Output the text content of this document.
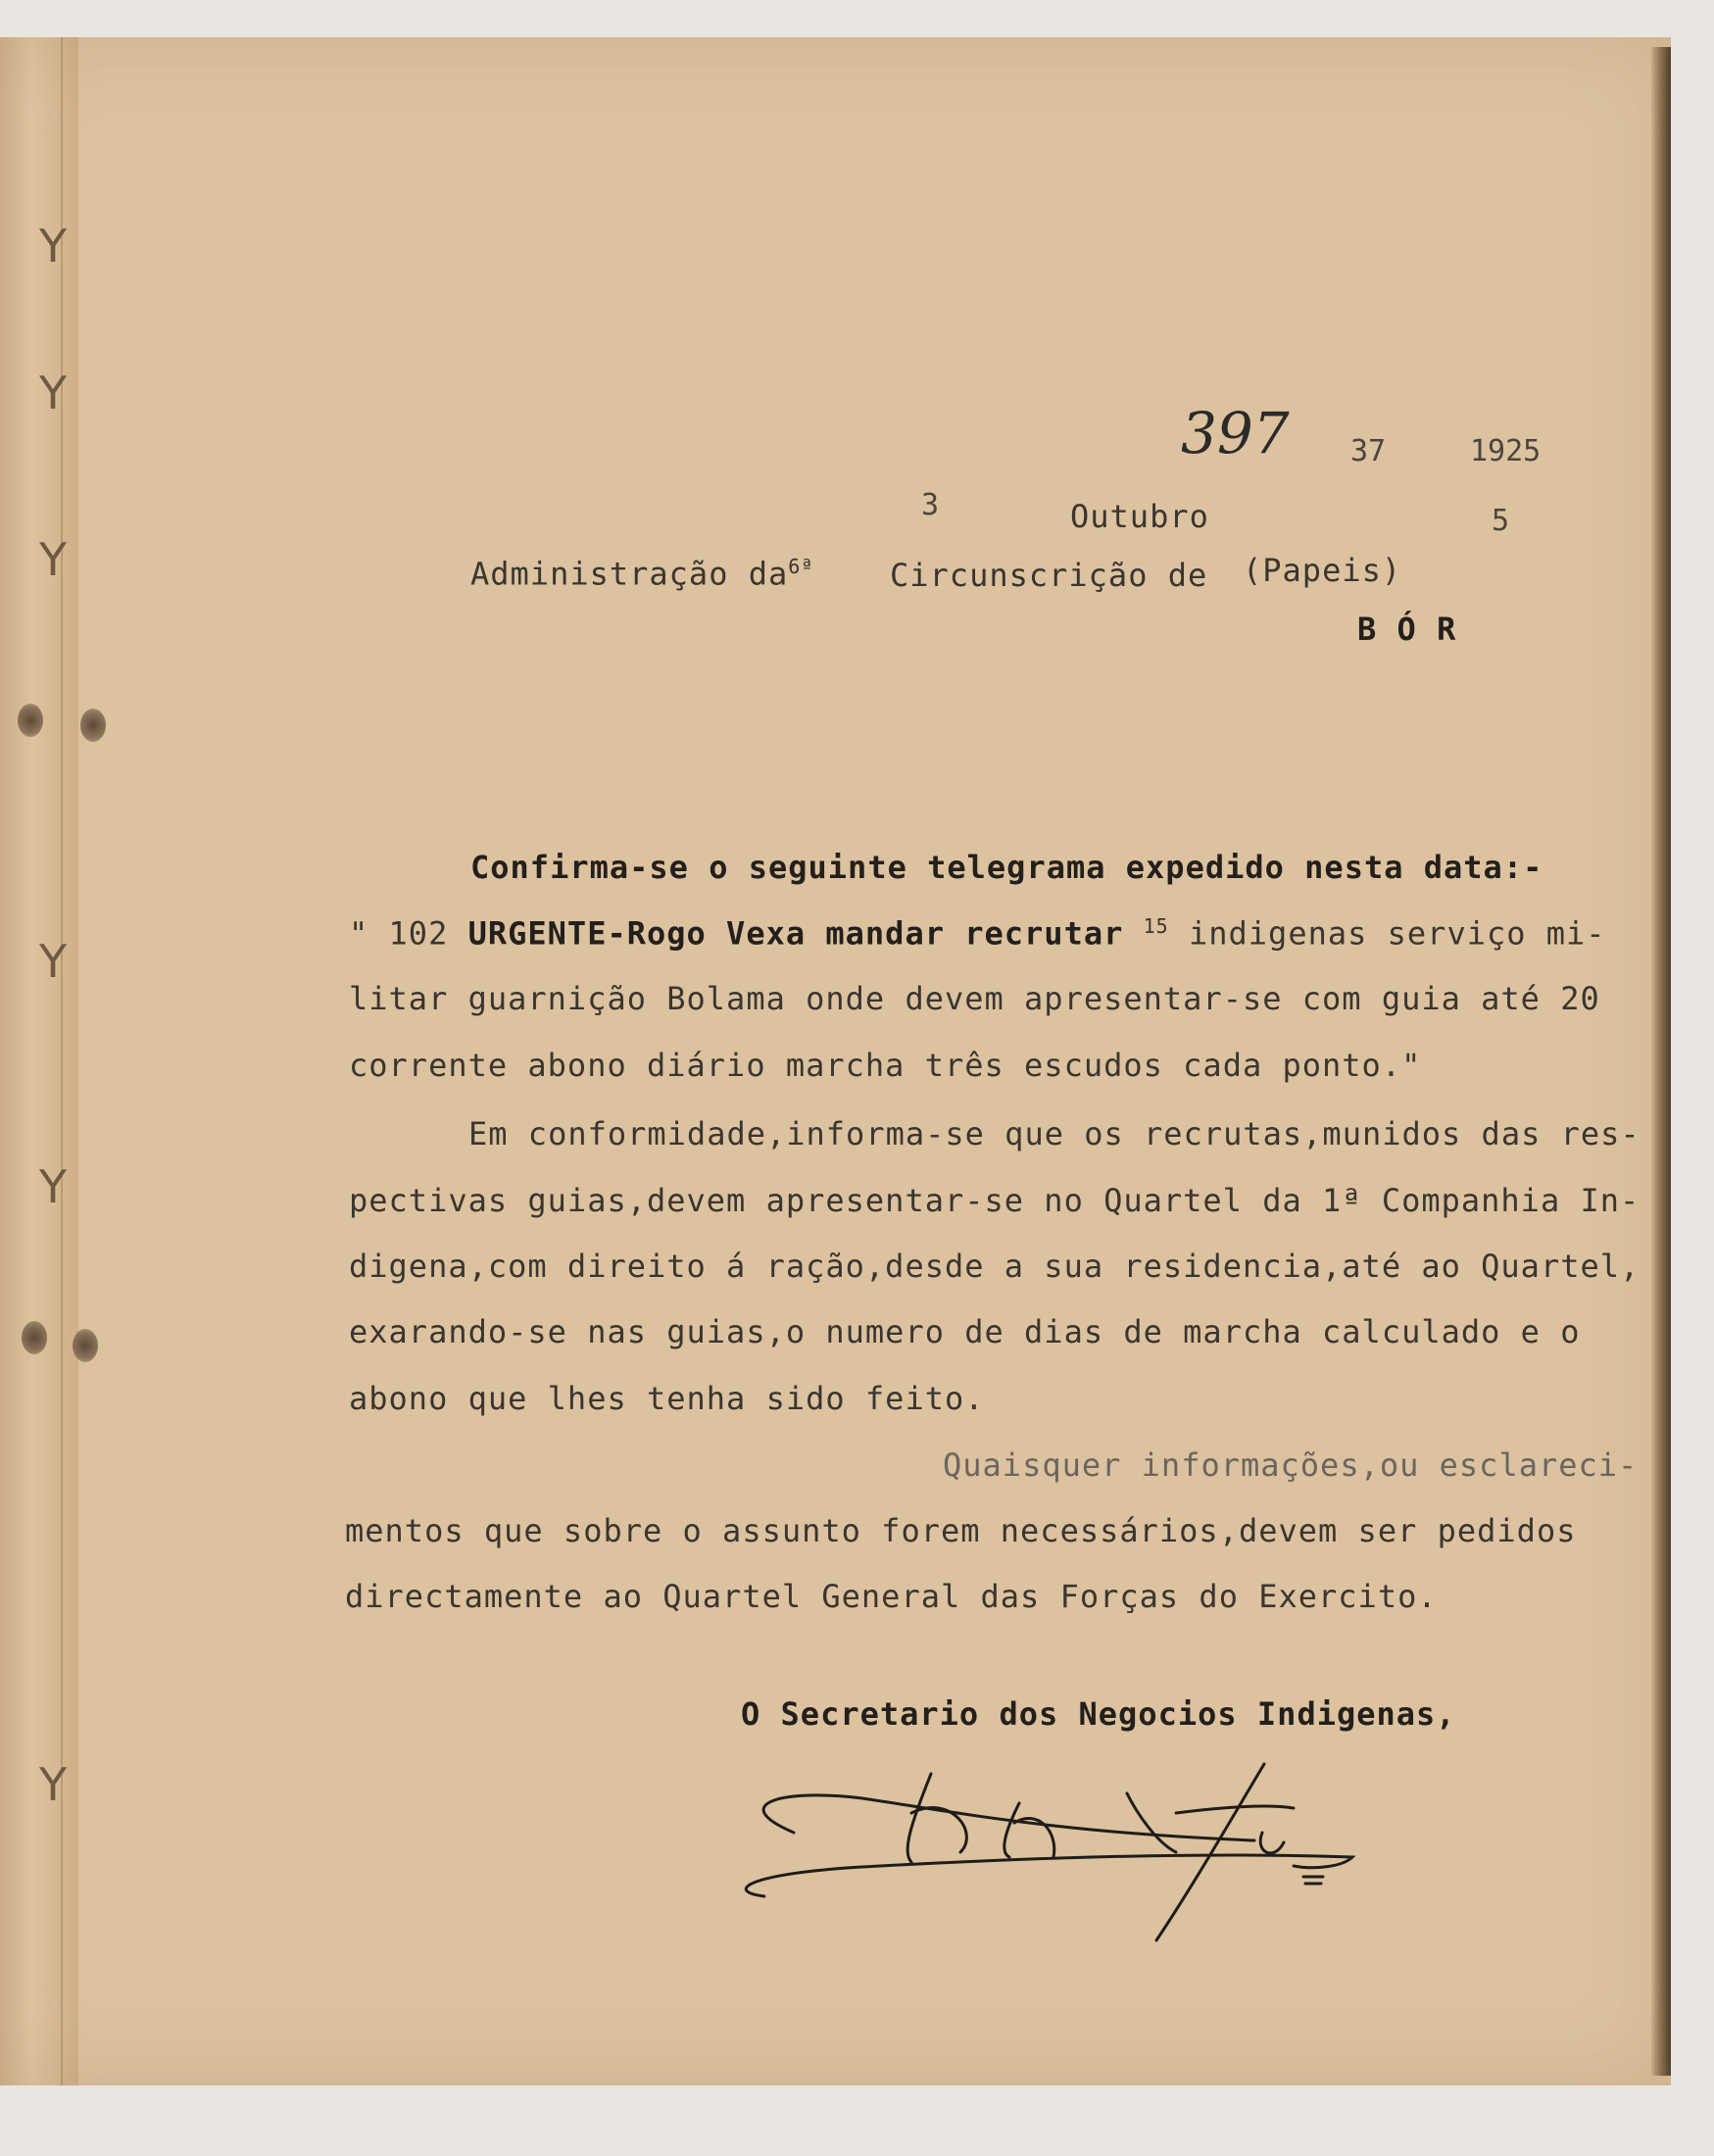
Y
Y
Y
Y
Y
Y
397 37	1925
3	Outubro	5
Administração $da^{6ª}$ Circunscrição de (Papeis)
B Ó R
Confirma-se o seguinte telegrama expedido nesta data:-
" 102 URGENTE-Rogo Vexa mandar recrutar $^{15}$ indigenas serviço mi-
litar guarnição Bolama onde devem apresentar-se com guia até 20
corrente abono diário marcha três escudos cada ponto."
Em conformidade,informa-se que os recrutas,munidos das res-
pectivas guias,devem apresentar-se no Quartel da 1ª Companhia In-
digena,com direito á ração,desde a sua residencia,até ao Quartel,
exarando-se nas guias,o numero de dias de marcha calculado e o
abono que lhes tenha sido feito.
Quaisquer informações,ou esclareci-
mentos que sobre o assunto forem necessários,devem ser pedidos
directamente ao Quartel General das Forças do Exercito.
O Secretario dos Negocios Indigenas,
